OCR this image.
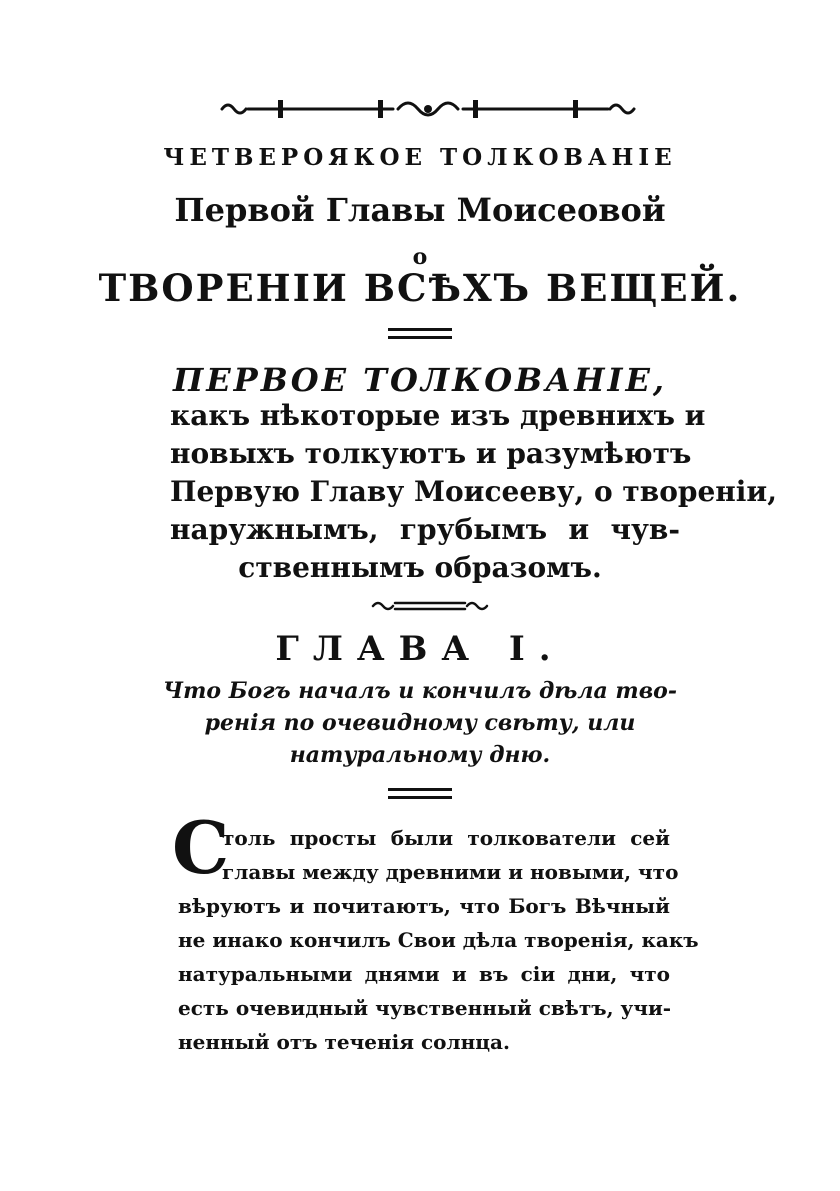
ЧЕТВЕРОЯКОЕ ТОЛКОВАНІЕ
Первой Главы Моисеовой
о
ТВОРЕНІИ ВСѢХЪ ВЕЩЕЙ.
ПЕРВОЕ ТОЛКОВАНІЕ,
какъ нѣкоторые изъ древнихъ и
новыхъ толкуютъ и разумѣютъ
Первую Главу Моисееву, о твореніи,
наружнымъ, грубымъ и чув-
ственнымъ образомъ.
ГЛАВА I.
Что Богъ началъ и кончилъ дѣла тво-
ренія по очевидному свѣту, или
натуральному дню.
С
толь просты были толкователи сей
главы между древними и новыми, что
вѣруютъ и почитаютъ, что Богъ Вѣчный
не инако кончилъ Свои дѣла творенія, какъ
натуральными днями и въ сіи дни, что
есть очевидный чувственный свѣтъ, учи-
ненный отъ теченія солнца.
